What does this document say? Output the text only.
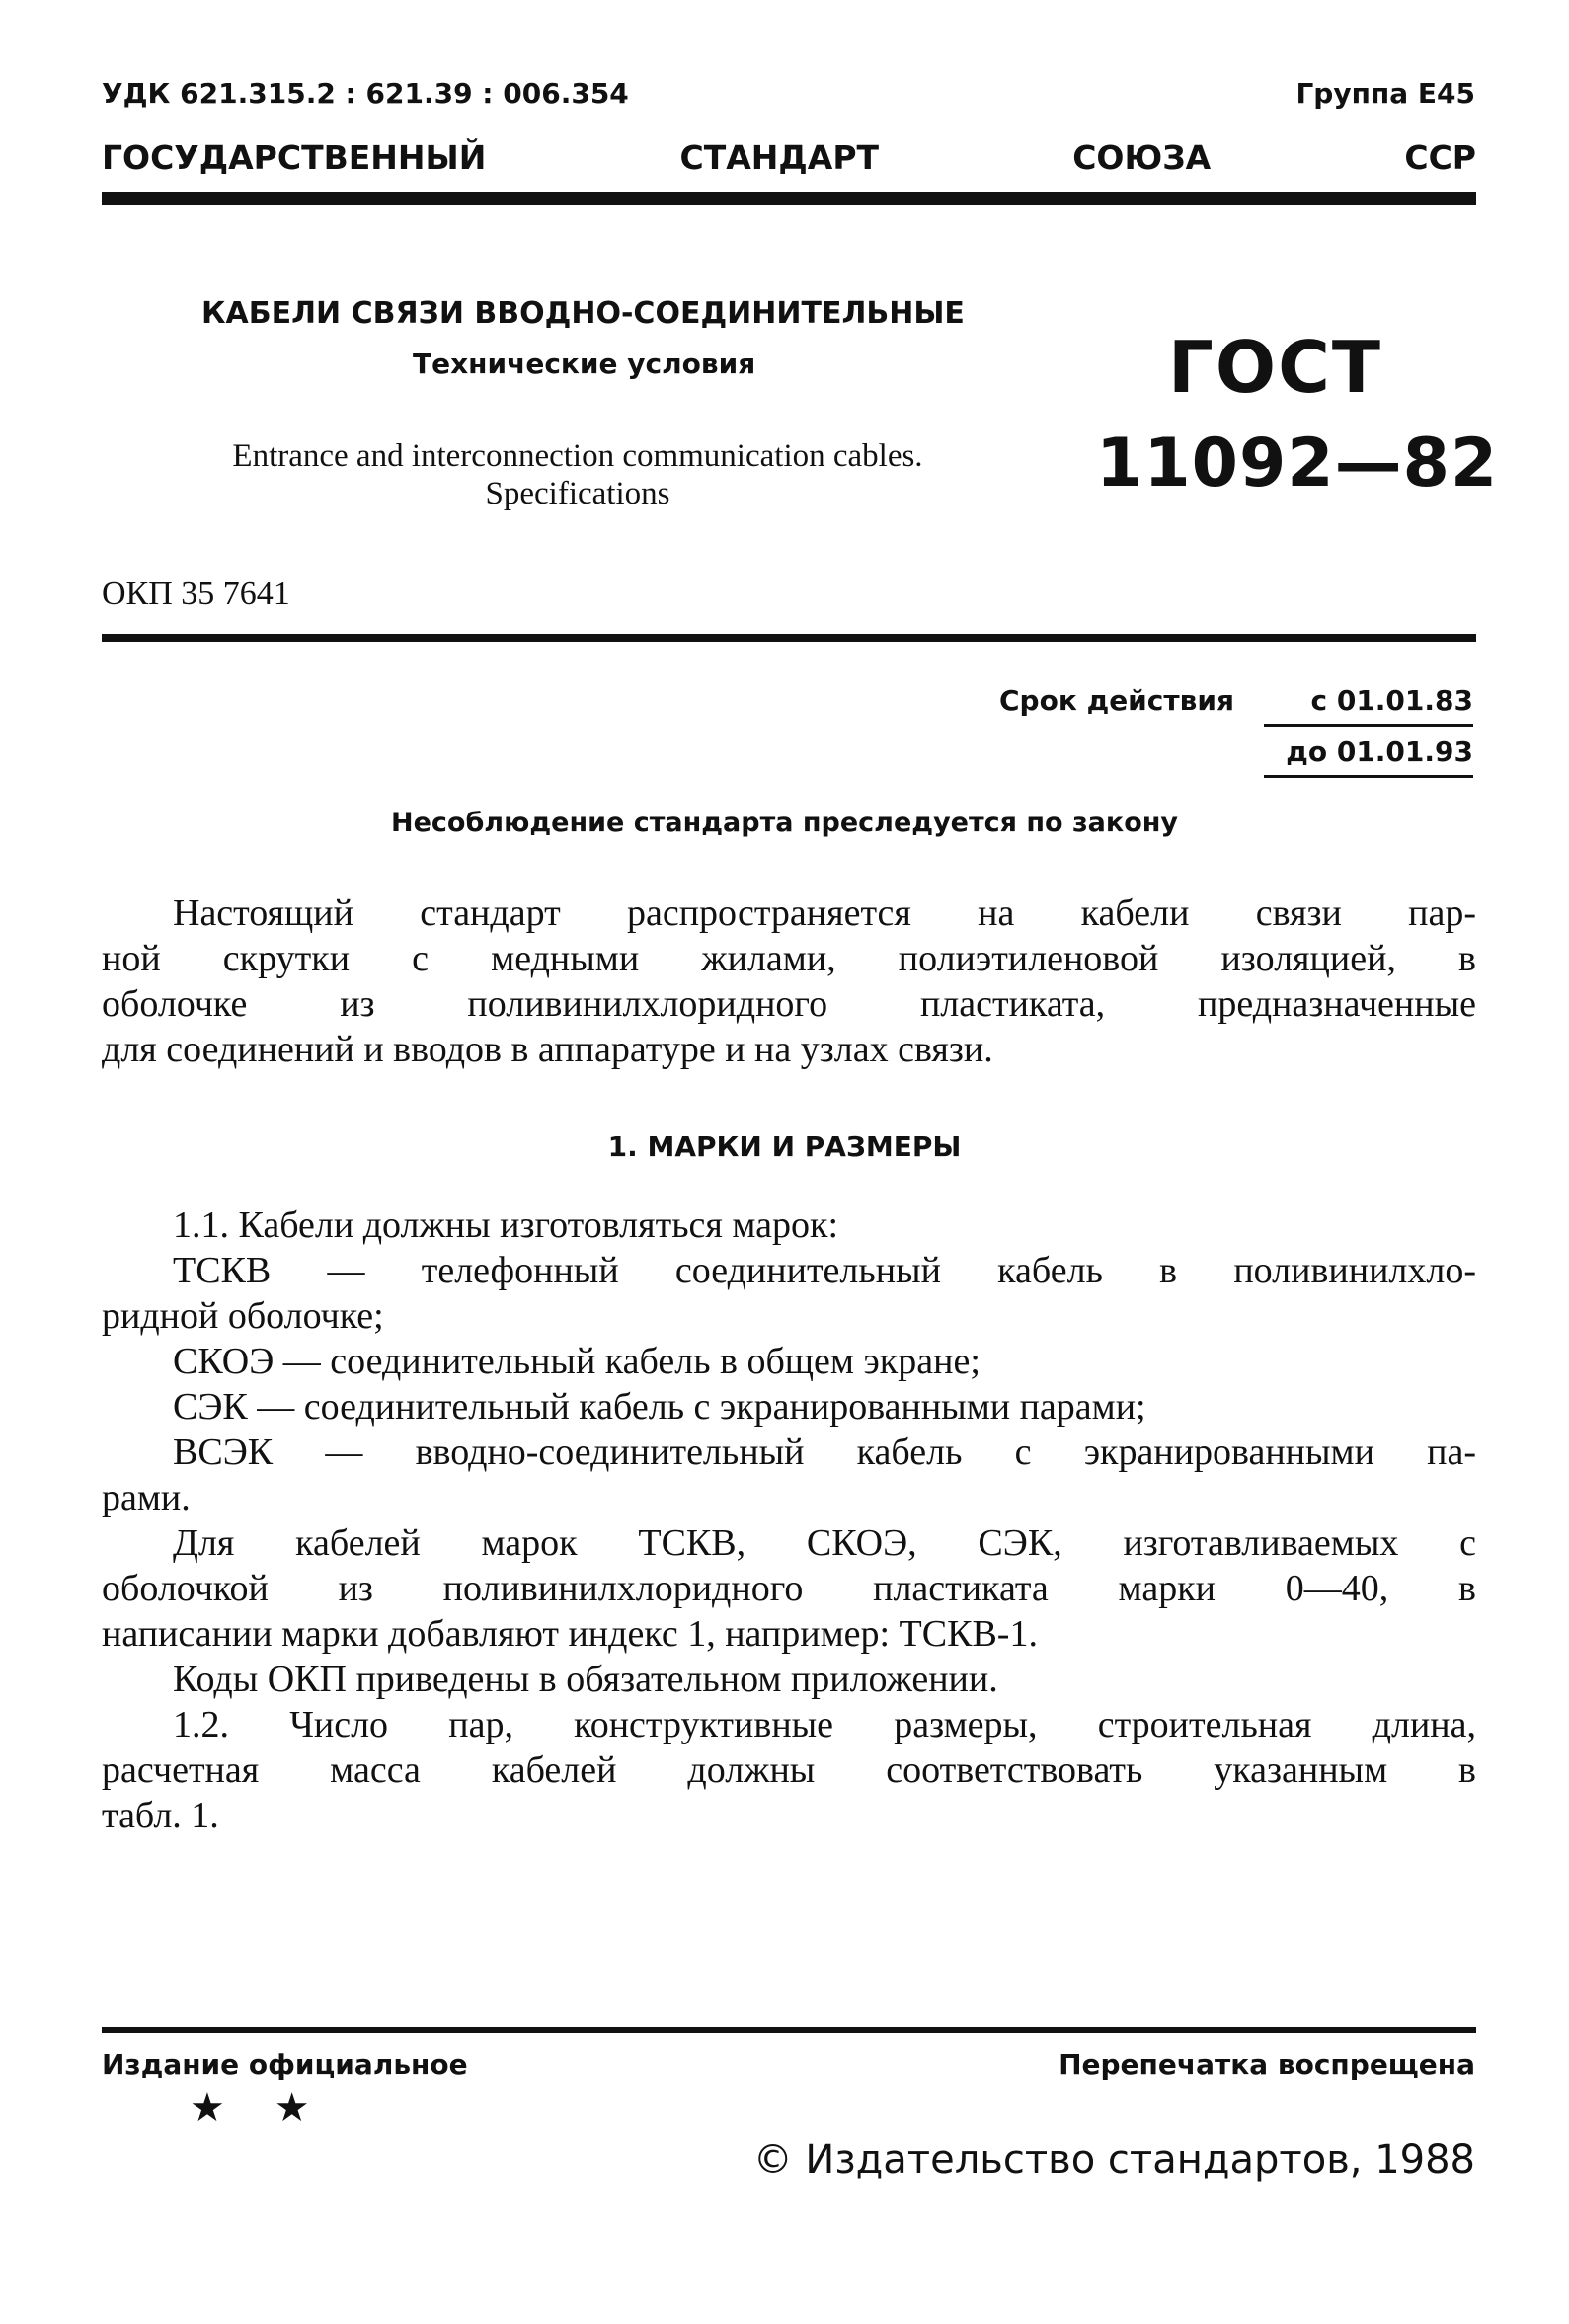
УДК 621.315.2 : 621.39 : 006.354	Группа Е45
ГОСУДАРСТВЕННЫЙ	СТАНДАРТ	СОЮЗА	ССР
КАБЕЛИ СВЯЗИ ВВОДНО-СОЕДИНИТЕЛЬНЫЕ
Технические условия	ГОСТ
11092—82
Entrance and interconnection communication cables.
Specifications
ОКП 35 7641
Срок действия	с 01.01.83
до 01.01.93
Несоблюдение стандарта преследуется по закону
Настоящий стандарт распространяется на кабели связи пар-
ной скрутки с медными жилами, полиэтиленовой изоляцией, в
оболочке из поливинилхлоридного пластиката, предназначенные
для соединений и вводов в аппаратуре и на узлах связи.
1. МАРКИ И РАЗМЕРЫ
1.1. Кабели должны изготовляться марок:
ТСКВ — телефонный соединительный кабель в поливинилхло-
ридной оболочке;
СКОЭ — соединительный кабель в общем экране;
СЭК — соединительный кабель с экранированными парами;
ВСЭК — вводно-соединительный кабель с экранированными па-
рами.
Для кабелей марок ТСКВ, СКОЭ, СЭК, изготавливаемых с
оболочкой из поливинилхлоридного пластиката марки 0—40, в
написании марки добавляют индекс 1, например: ТСКВ-1.
Коды ОКП приведены в обязательном приложении.
1.2. Число пар, конструктивные размеры, строительная длина,
расчетная масса кабелей должны соответствовать указанным в
табл. 1.
Издание официальное
★ ★
Перепечатка воспрещена
© Издательство стандартов, 1988
